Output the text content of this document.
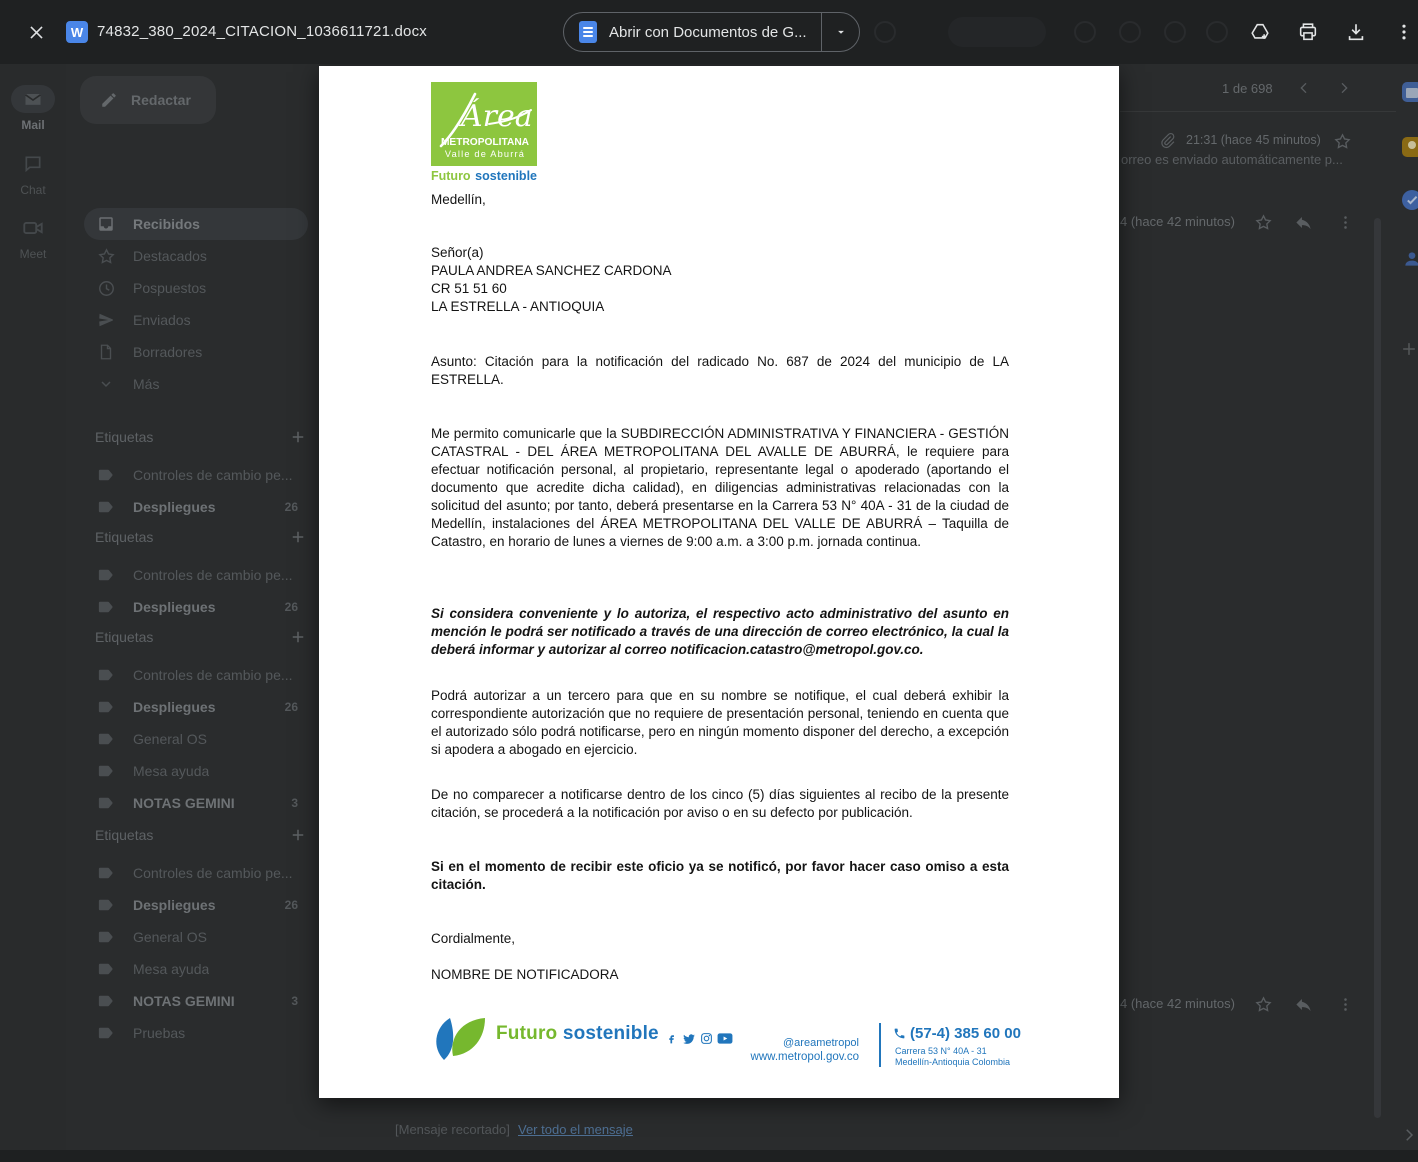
W 74832_380_2024_CITACION_1036611721.docx	Abrir con Documentos de G...
Mail
Chat
Meet
Redactar
Recibidos
Destacados
Pospuestos
Enviados
Borradores
Más
Etiquetas
Controles de cambio pe...
Despliegues	26
Etiquetas
Controles de cambio pe...
Despliegues	26
Etiquetas
Controles de cambio pe...
Despliegues	26
General OS
Mesa ayuda
NOTAS GEMINI	3
Etiquetas
Controles de cambio pe...
Despliegues	26
General OS
Mesa ayuda
NOTAS GEMINI	3
Pruebas
1 de 698
21:31 (hace 45 minutos)
orreo es enviado automáticamente p...
4 (hace 42 minutos)
4 (hace 42 minutos)
[Mensaje recortado] Ver todo el mensaje
Área
METROPOLITANA
Valle de Aburrá
Futuro sostenible

Medellín,

Señor(a)
PAULA ANDREA SANCHEZ CARDONA
CR 51 51 60
LA ESTRELLA - ANTIOQUIA

Asunto: Citación para la notificación del radicado No. 687 de 2024 del municipio de LA ESTRELLA.

Me permito comunicarle que la SUBDIRECCIÓN ADMINISTRATIVA Y FINANCIERA - GESTIÓN CATASTRAL - DEL ÁREA METROPOLITANA DEL AVALLE DE ABURRÁ, le requiere para efectuar notificación personal, al propietario, representante legal o apoderado (aportando el documento que acredite dicha calidad), en diligencias administrativas relacionadas con la solicitud del asunto; por tanto, deberá presentarse en la Carrera 53 N° 40A - 31 de la ciudad de Medellín, instalaciones del ÁREA METROPOLITANA DEL VALLE DE ABURRÁ – Taquilla de Catastro, en horario de lunes a viernes de 9:00 a.m. a 3:00 p.m. jornada continua.

Si considera conveniente y lo autoriza, el respectivo acto administrativo del asunto en mención le podrá ser notificado a través de una dirección de correo electrónico, la cual la deberá informar y autorizar al correo notificacion.catastro@metropol.gov.co.

Podrá autorizar a un tercero para que en su nombre se notifique, el cual deberá exhibir la correspondiente autorización que no requiere de presentación personal, teniendo en cuenta que el autorizado sólo podrá notificarse, pero en ningún momento disponer del derecho, a excepción si apodera a abogado en ejercicio.

De no comparecer a notificarse dentro de los cinco (5) días siguientes al recibo de la presente citación, se procederá a la notificación por aviso o en su defecto por publicación.

Si en el momento de recibir este oficio ya se notificó, por favor hacer caso omiso a esta citación.

Cordialmente,

NOMBRE DE NOTIFICADORA

Futuro sostenible	@areametropol
www.metropol.gov.co
(57-4) 385 60 00
Carrera 53 N° 40A - 31
Medellín-Antioquia Colombia
